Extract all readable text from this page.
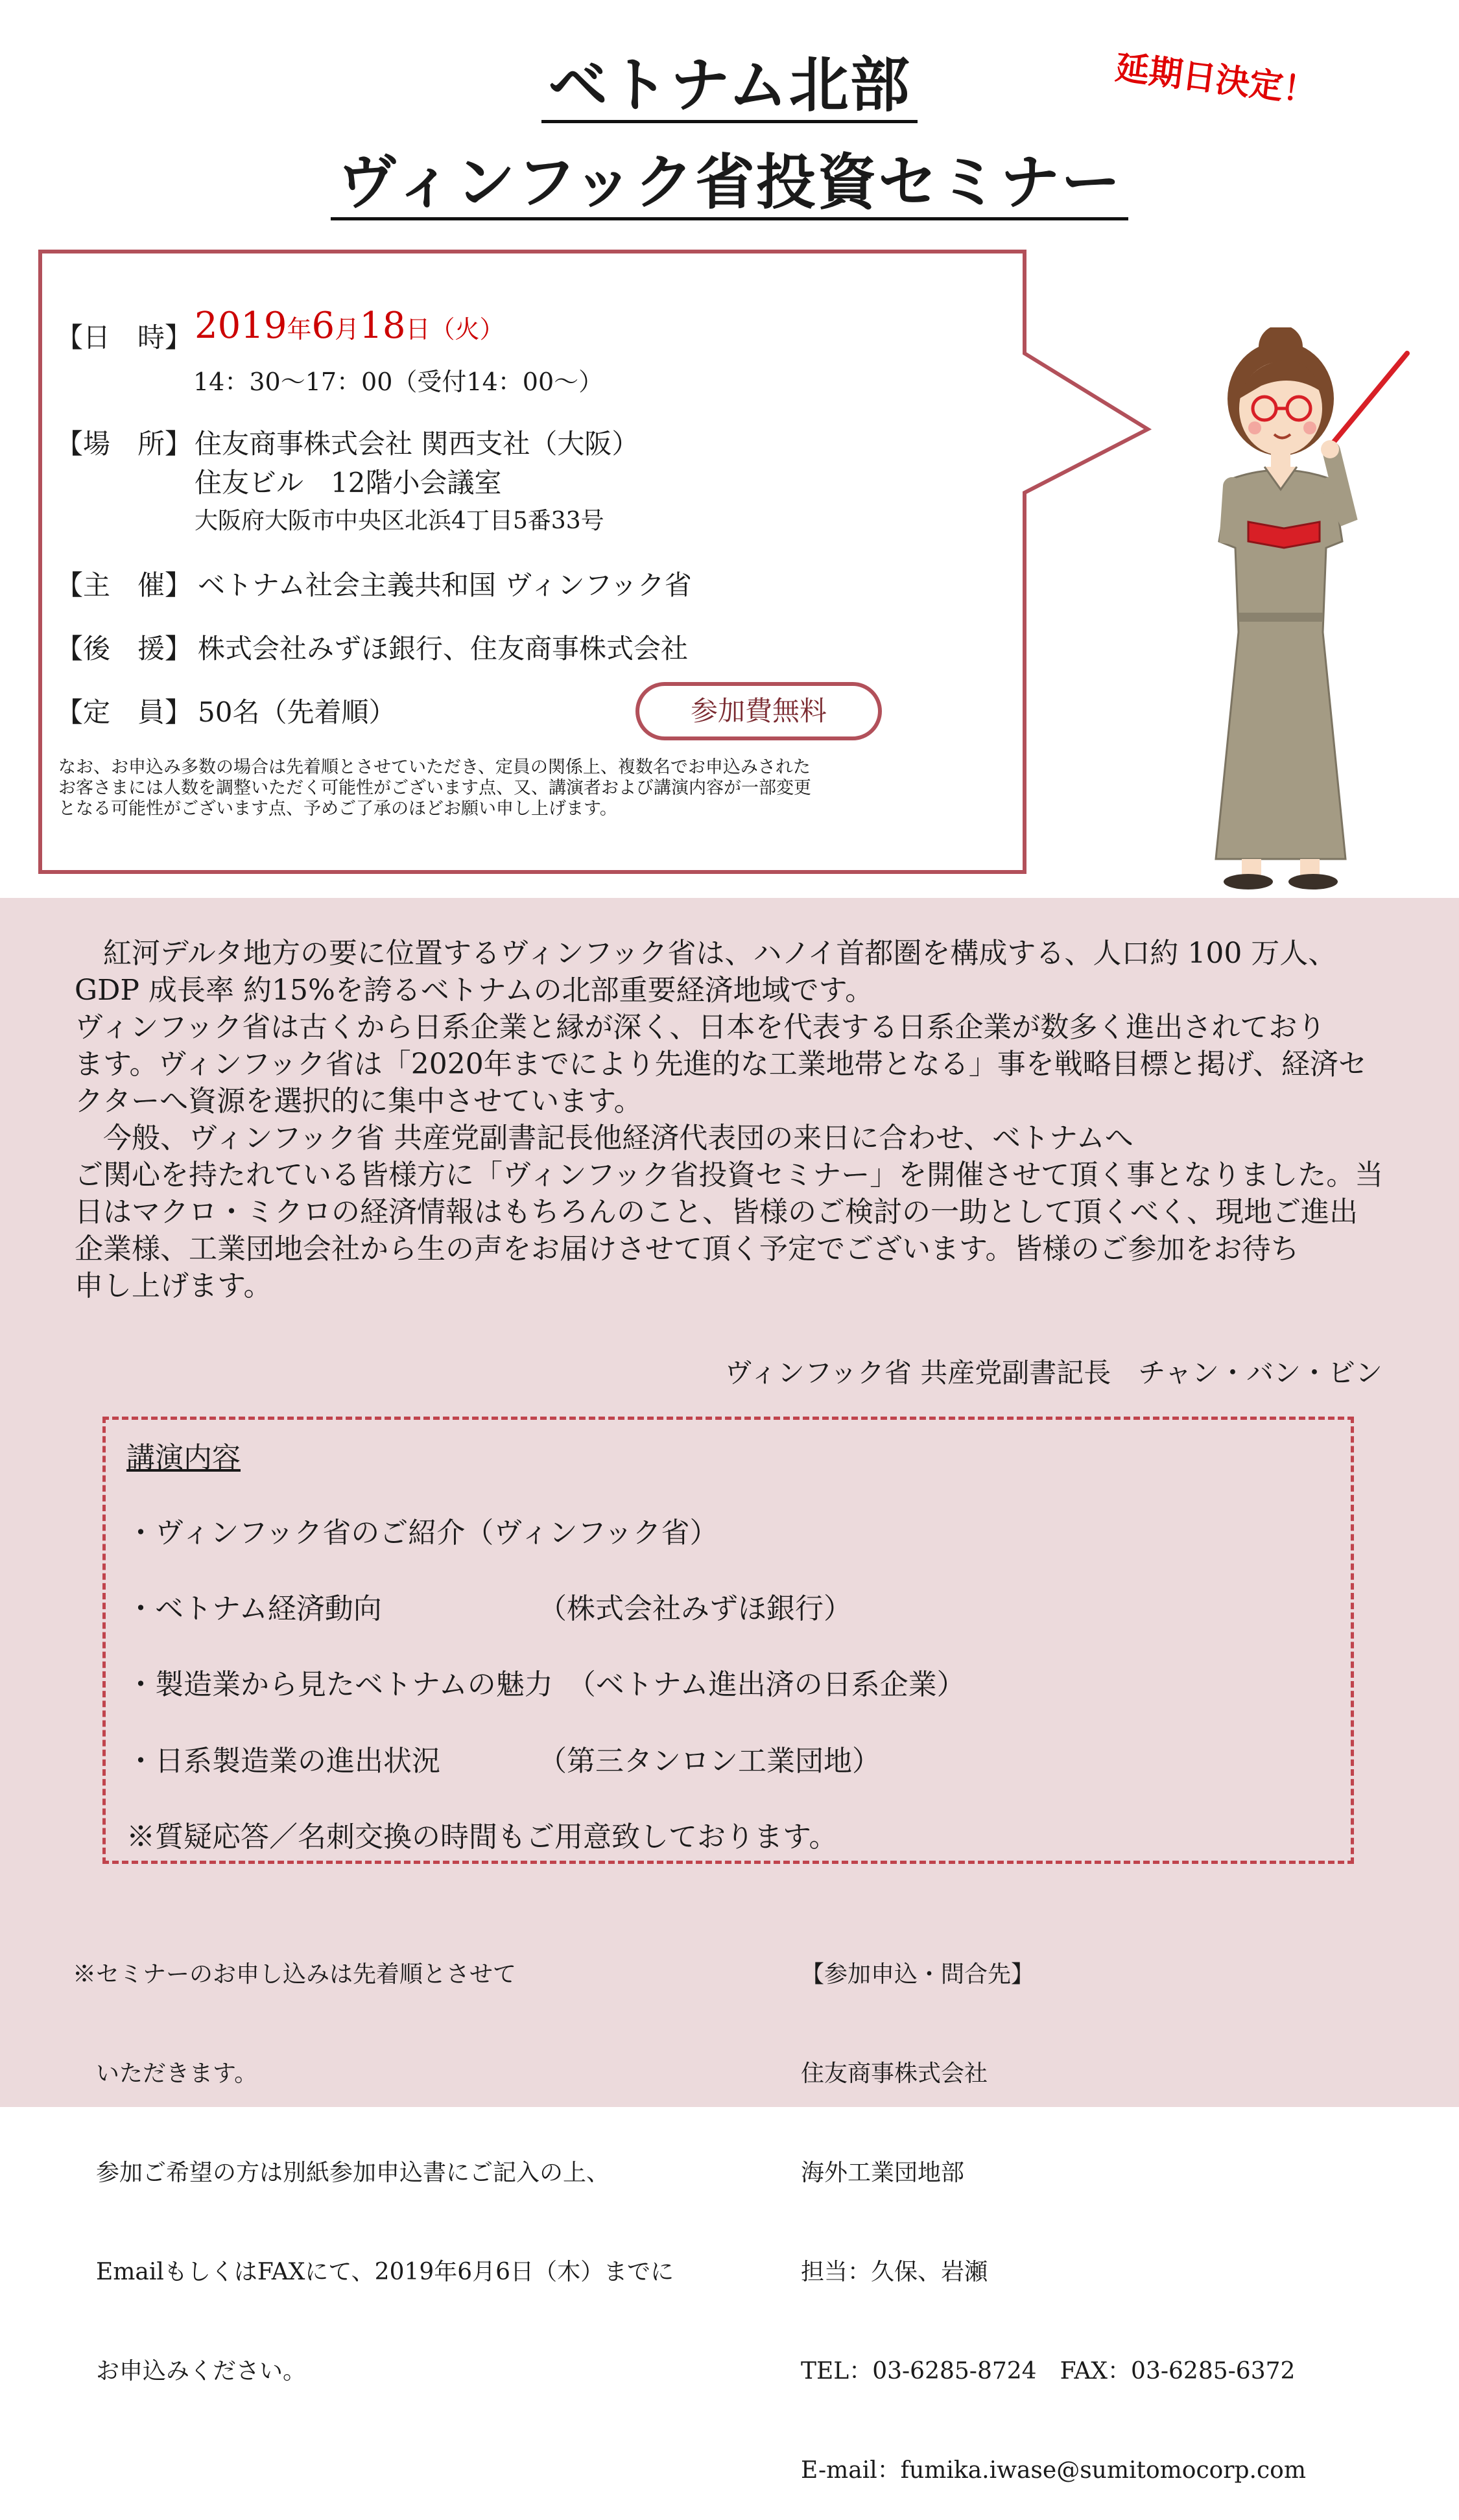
ベトナム北部
ヴィンフック省投資セミナー
延期日決定！
【日　時】 2019年6月18日（火）
14：30～17：00（受付14：00～）
【場　所】 住友商事株式会社 関西支社（大阪）
住友ビル　12階小会議室
大阪府大阪市中央区北浜4丁目5番33号
【主　催】 ベトナム社会主義共和国 ヴィンフック省
【後　援】 株式会社みずほ銀行、住友商事株式会社
【定　員】 50名（先着順）	参加費無料
なお、お申込み多数の場合は先着順とさせていただき、定員の関係上、複数名でお申込みされた
お客さまには人数を調整いただく可能性がございます点、又、講演者および講演内容が一部変更
となる可能性がございます点、予めご了承のほどお願い申し上げます。
　紅河デルタ地方の要に位置するヴィンフック省は、ハノイ首都圏を構成する、人口約 100 万人、
GDP 成長率 約15%を誇るベトナムの北部重要経済地域です。
ヴィンフック省は古くから日系企業と縁が深く、日本を代表する日系企業が数多く進出されており
ます。ヴィンフック省は「2020年までにより先進的な工業地帯となる」事を戦略目標と掲げ、経済セ
クターへ資源を選択的に集中させています。
　今般、ヴィンフック省 共産党副書記長他経済代表団の来日に合わせ、ベトナムへ
ご関心を持たれている皆様方に「ヴィンフック省投資セミナー」を開催させて頂く事となりました。当
日はマクロ・ミクロの経済情報はもちろんのこと、皆様のご検討の一助として頂くべく、現地ご進出
企業様、工業団地会社から生の声をお届けさせて頂く予定でございます。皆様のご参加をお待ち
申し上げます。
ヴィンフック省 共産党副書記長　チャン・バン・ビン
講演内容
・ヴィンフック省のご紹介（ヴィンフック省）
・ベトナム経済動向	（株式会社みずほ銀行）
・製造業から見たベトナムの魅力　（ベトナム進出済の日系企業）
・日系製造業の進出状況	（第三タンロン工業団地）
※質疑応答／名刺交換の時間もご用意致しております。

※セミナーのお申し込みは先着順とさせて

　いただきます。

　参加ご希望の方は別紙参加申込書にご記入の上、

　EmailもしくはFAXにて、2019年6月6日（木）までに

　お申込みください。

【参加申込・問合先】

住友商事株式会社

海外工業団地部

担当：久保、岩瀬

TEL：03-6285-8724　FAX：03-6285-6372

E-mail：fumika.iwase@sumitomocorp.com
